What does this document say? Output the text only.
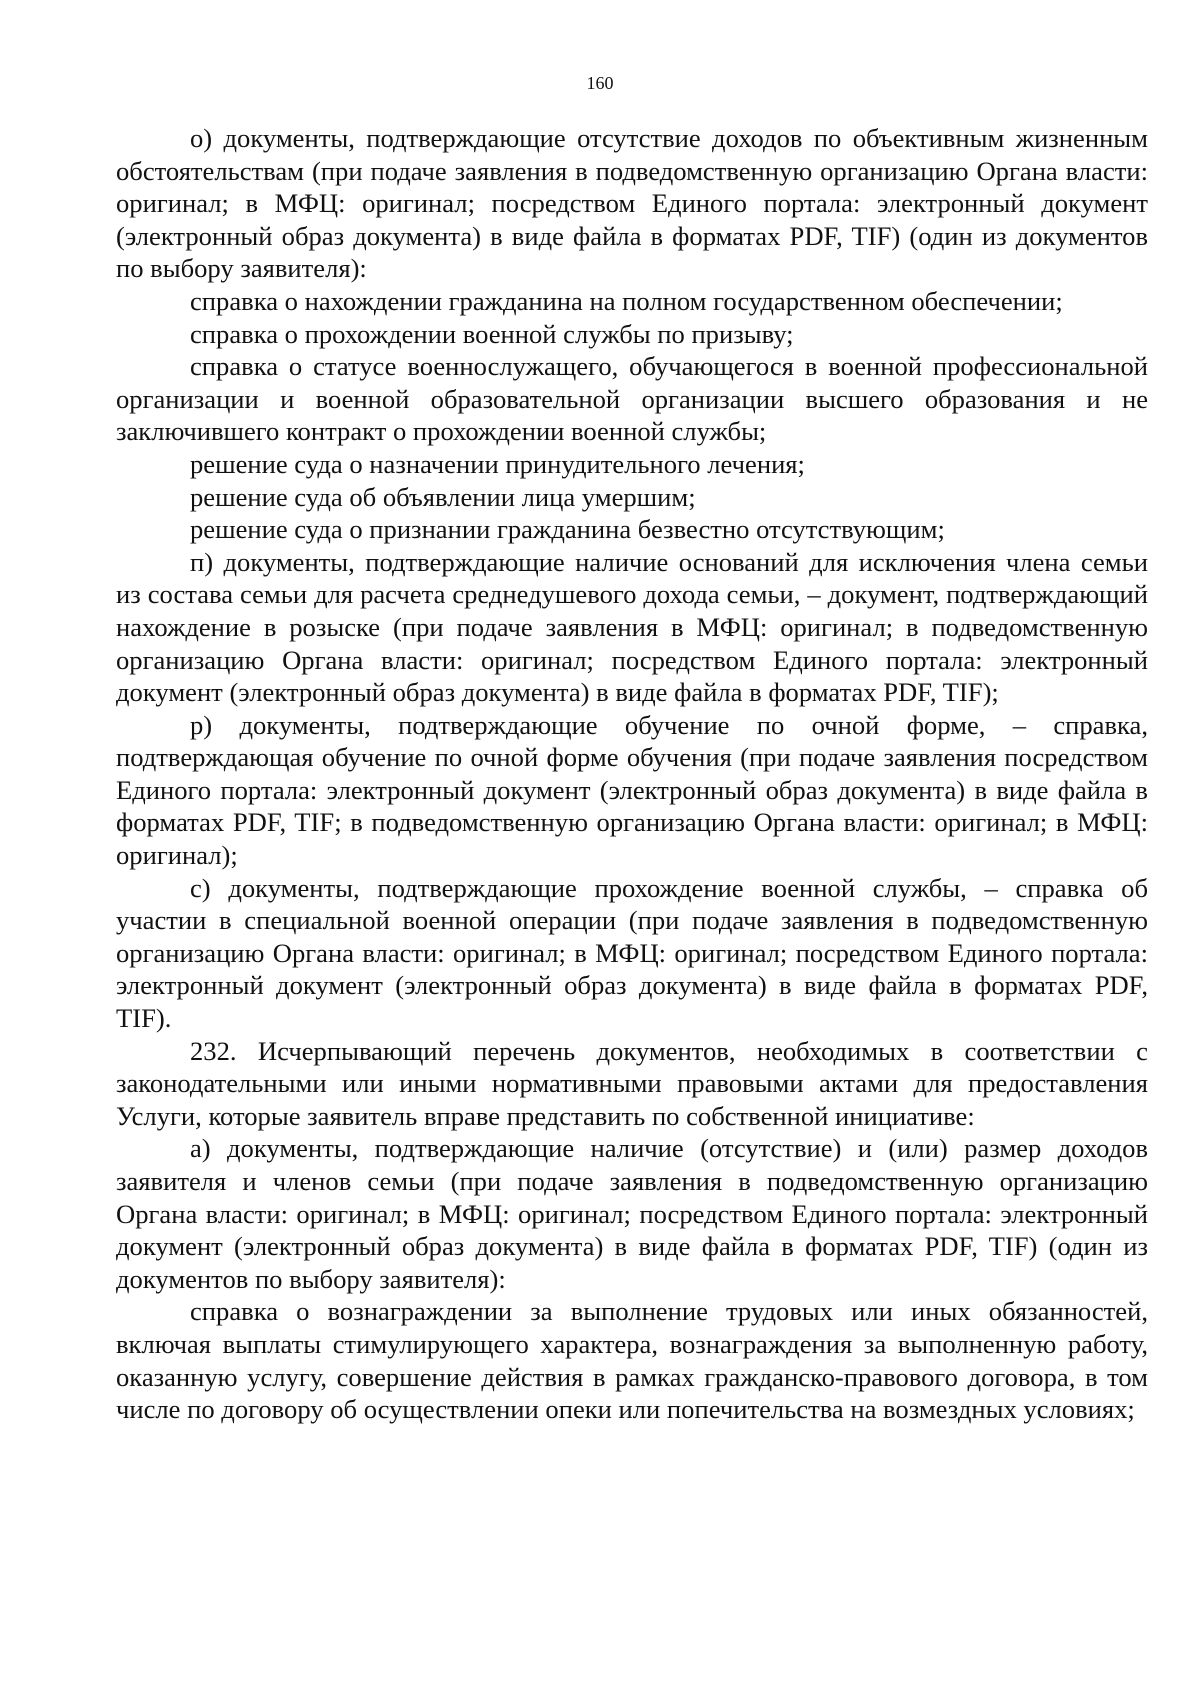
160

о) документы, подтверждающие отсутствие доходов по объективным жизненным обстоятельствам (при подаче заявления в подведомственную организацию Органа власти: оригинал; в МФЦ: оригинал; посредством Единого портала: электронный документ (электронный образ документа) в виде файла в форматах PDF, TIF) (один из документов по выбору заявителя):

справка о нахождении гражданина на полном государственном обеспечении;

справка о прохождении военной службы по призыву;

справка о статусе военнослужащего, обучающегося в военной профессиональной организации и военной образовательной организации высшего образования и не заключившего контракт о прохождении военной службы;

решение суда о назначении принудительного лечения;

решение суда об объявлении лица умершим;

решение суда о признании гражданина безвестно отсутствующим;

п) документы, подтверждающие наличие оснований для исключения члена семьи из состава семьи для расчета среднедушевого дохода семьи, – документ, подтверждающий нахождение в розыске (при подаче заявления в МФЦ: оригинал; в подведомственную организацию Органа власти: оригинал; посредством Единого портала: электронный документ (электронный образ документа) в виде файла в форматах PDF, TIF);

р) документы, подтверждающие обучение по очной форме, – справка, подтверждающая обучение по очной форме обучения (при подаче заявления посредством Единого портала: электронный документ (электронный образ документа) в виде файла в форматах PDF, TIF; в подведомственную организацию Органа власти: оригинал; в МФЦ: оригинал);

с) документы, подтверждающие прохождение военной службы, – справка об участии в специальной военной операции (при подаче заявления в подведомственную организацию Органа власти: оригинал; в МФЦ: оригинал; посредством Единого портала: электронный документ (электронный образ документа) в виде файла в форматах PDF, TIF).

232. Исчерпывающий перечень документов, необходимых в соответствии с законодательными или иными нормативными правовыми актами для предоставления Услуги, которые заявитель вправе представить по собственной инициативе:

а) документы, подтверждающие наличие (отсутствие) и (или) размер доходов заявителя и членов семьи (при подаче заявления в подведомственную организацию Органа власти: оригинал; в МФЦ: оригинал; посредством Единого портала: электронный документ (электронный образ документа) в виде файла в форматах PDF, TIF) (один из документов по выбору заявителя):

справка о вознаграждении за выполнение трудовых или иных обязанностей, включая выплаты стимулирующего характера, вознаграждения за выполненную работу, оказанную услугу, совершение действия в рамках гражданско-правового договора, в том числе по договору об осуществлении опеки или попечительства на возмездных условиях;
